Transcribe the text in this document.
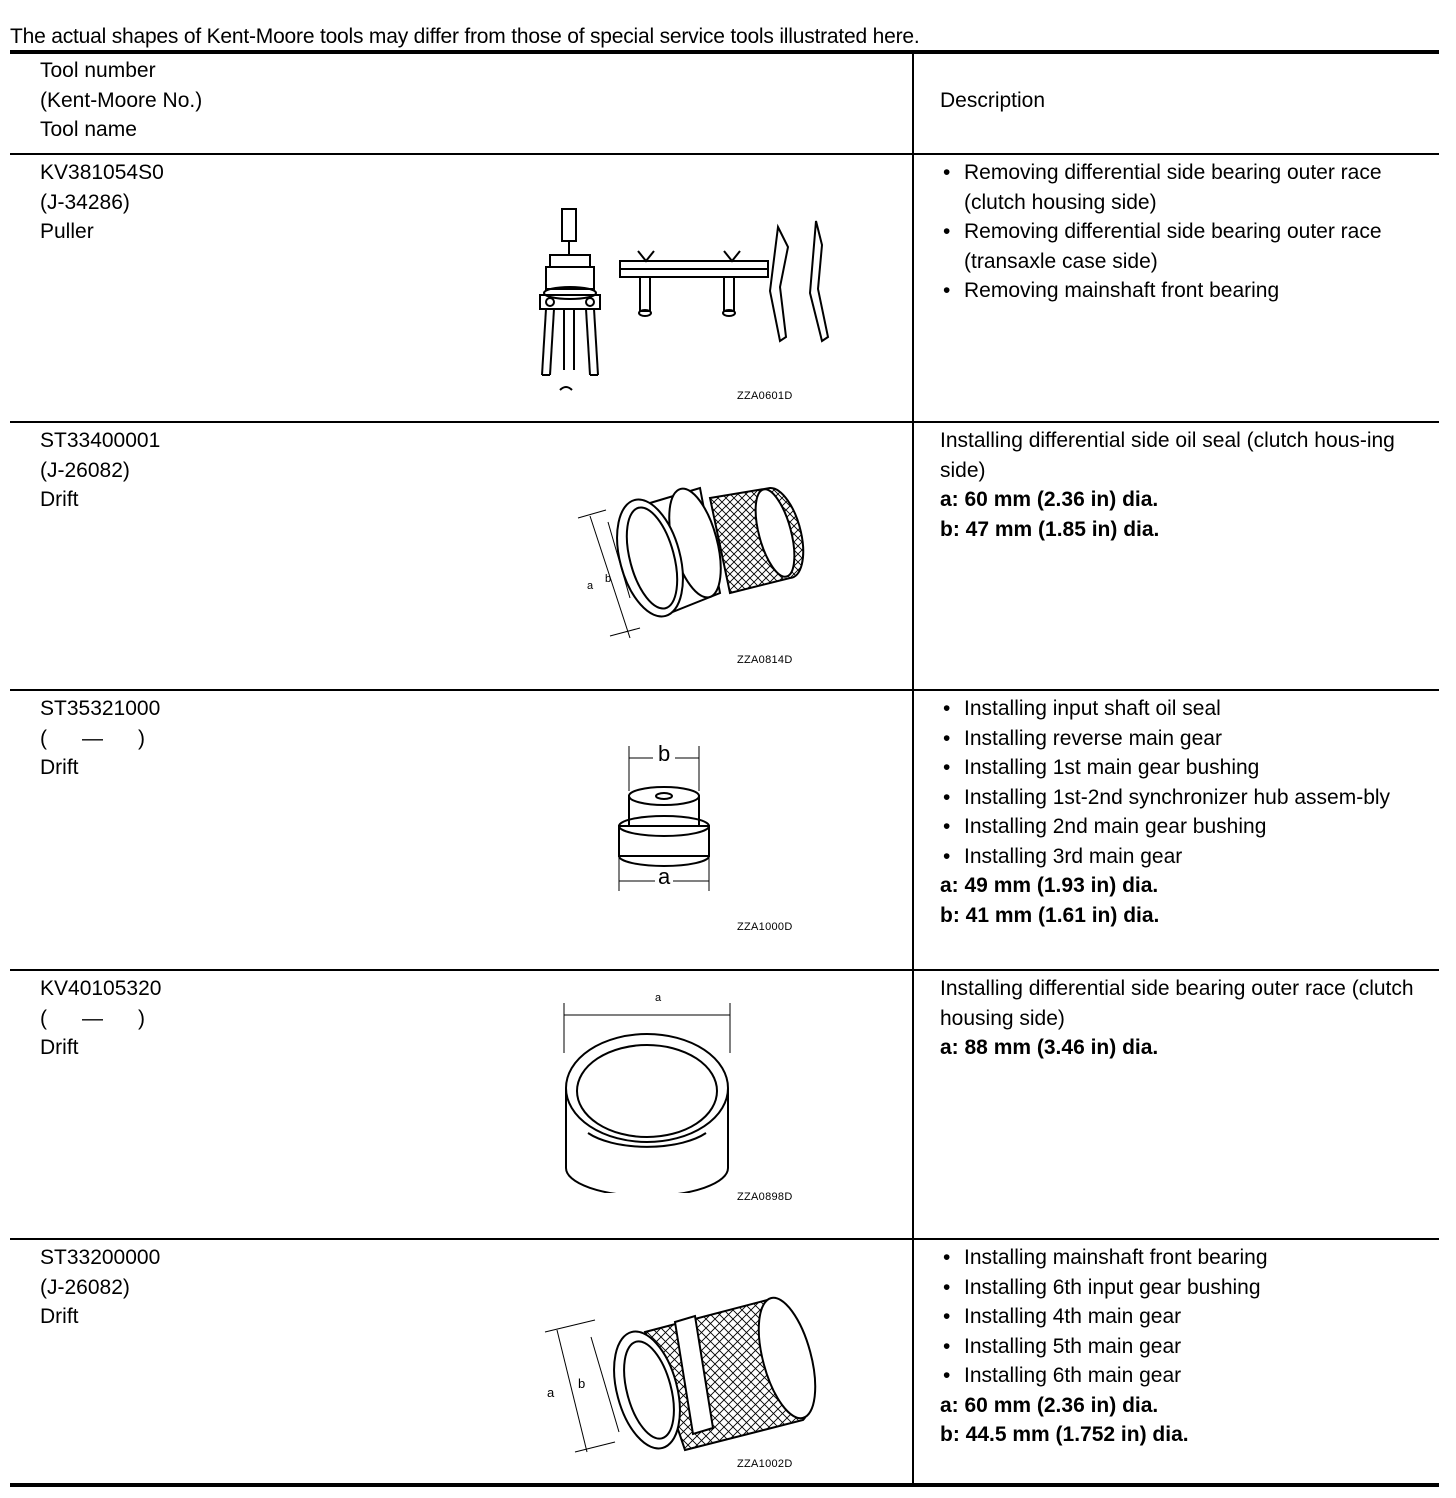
The actual shapes of Kent-Moore tools may differ from those of special service tools illustrated here.
Tool number
(Kent-Moore No.)
Tool name
Description
KV381054S0
(J-34286)
Puller
ZZA0601D
• Removing differential side bearing outer race (clutch housing side)
• Removing differential side bearing outer race (transaxle case side)
• Removing mainshaft front bearing
ST33400001
(J-26082)
Drift
a
b
ZZA0814D
Installing differential side oil seal (clutch hous-ing side)
a: 60 mm (2.36 in) dia.
b: 47 mm (1.85 in) dia.
ST35321000
(      —      )
Drift
b
a
ZZA1000D
• Installing input shaft oil seal
• Installing reverse main gear
• Installing 1st main gear bushing
• Installing 1st-2nd synchronizer hub assem-bly
• Installing 2nd main gear bushing
• Installing 3rd main gear
a: 49 mm (1.93 in) dia.
b: 41 mm (1.61 in) dia.
KV40105320
(      —      )
Drift
a
ZZA0898D
Installing differential side bearing outer race (clutch housing side)
a: 88 mm (3.46 in) dia.
ST33200000
(J-26082)
Drift
a
b
ZZA1002D
• Installing mainshaft front bearing
• Installing 6th input gear bushing
• Installing 4th main gear
• Installing 5th main gear
• Installing 6th main gear
a: 60 mm (2.36 in) dia.
b: 44.5 mm (1.752 in) dia.
